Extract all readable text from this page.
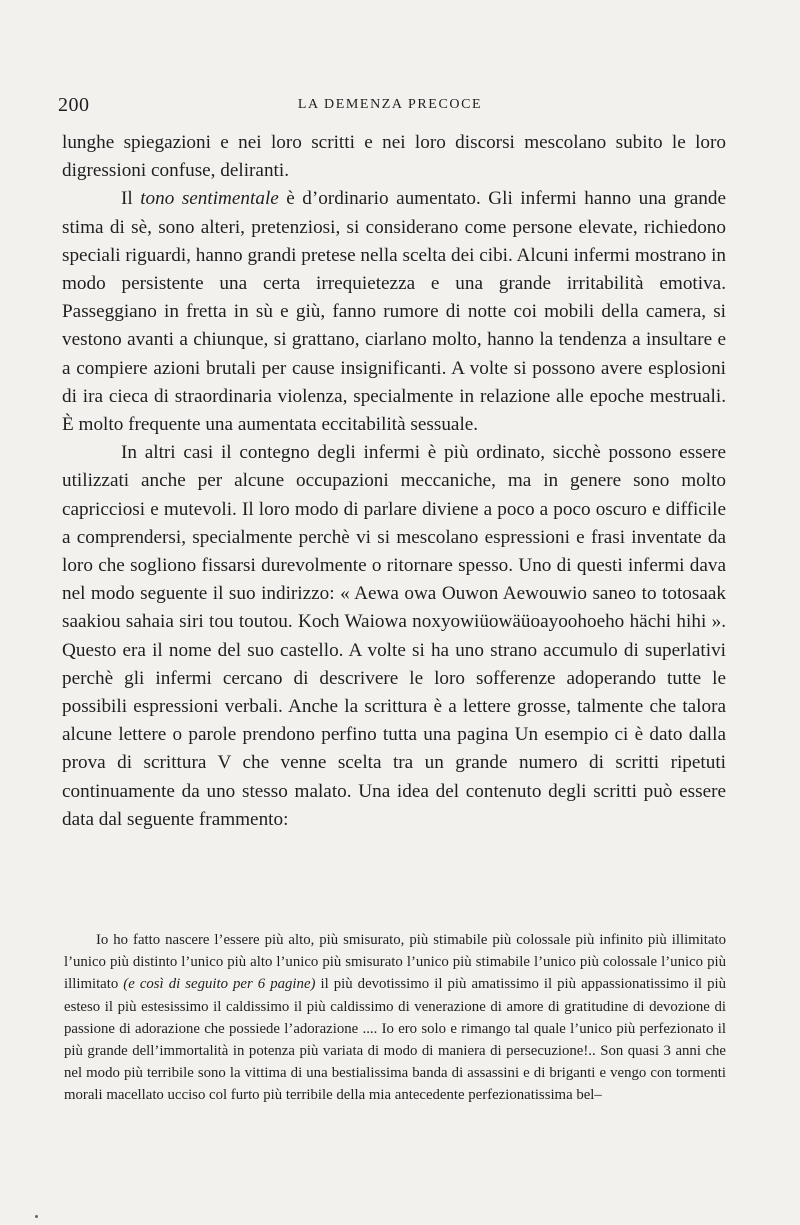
200	LA DEMENZA PRECOCE

lunghe spiegazioni e nei loro scritti e nei loro discorsi mescolano subito le loro digressioni confuse, deliranti.

Il tono sentimentale è d’ordinario aumentato. Gli infermi hanno una grande stima di sè, sono alteri, pretenziosi, si considerano come persone elevate, richiedono speciali riguardi, hanno grandi pretese nella scelta dei cibi. Alcuni infermi mostrano in modo persistente una certa irrequietezza e una grande irritabilità emotiva. Passeggiano in fretta in sù e giù, fanno rumore di notte coi mobili della camera, si vestono avanti a chiunque, si grattano, ciarlano molto, hanno la tendenza a insultare e a compiere azioni brutali per cause insignificanti. A volte si possono avere esplosioni di ira cieca di straordinaria violenza, specialmente in relazione alle epoche mestruali. È molto frequente una aumentata eccitabilità sessuale.

In altri casi il contegno degli infermi è più ordinato, sicchè possono essere utilizzati anche per alcune occupazioni meccaniche, ma in genere sono molto capricciosi e mutevoli. Il loro modo di parlare diviene a poco a poco oscuro e difficile a comprendersi, specialmente perchè vi si mescolano espressioni e frasi inventate da loro che sogliono fissarsi durevolmente o ritornare spesso. Uno di questi infermi dava nel modo seguente il suo indirizzo: « Aewa owa Ouwon Aewouwio saneo to totosaak saakiou sahaia siri tou toutou. Koch Waiowa noxyowiüowäüoayoohoeho hächi hihi ». Questo era il nome del suo castello. A volte si ha uno strano accumulo di superlativi perchè gli infermi cercano di descrivere le loro sofferenze adoperando tutte le possibili espressioni verbali. Anche la scrittura è a lettere grosse, talmente che talora alcune lettere o parole prendono perfino tutta una pagina Un esempio ci è dato dalla prova di scrittura V che venne scelta tra un grande numero di scritti ripetuti continuamente da uno stesso malato. Una idea del contenuto degli scritti può essere data dal seguente frammento:

Io ho fatto nascere l’essere più alto, più smisurato, più stimabile più colossale più infinito più illimitato l’unico più distinto l’unico più alto l’unico più smisurato l’unico più stimabile l’unico più colossale l’unico più illimitato (e così di seguito per 6 pagine) il più devotissimo il più amatissimo il più appassionatissimo il più esteso il più estesissimo il caldissimo il più caldissimo di venerazione di amore di gratitudine di devozione di passione di adorazione che possiede l’adorazione .... Io ero solo e rimango tal quale l’unico più perfezionato il più grande dell’immortalità in potenza più variata di modo di maniera di persecuzione!.. Son quasi 3 anni che nel modo più terribile sono la vittima di una bestialissima banda di assassini e di briganti e vengo con tormenti morali macellato ucciso col furto più terribile della mia antecedente perfezionatissima bel–
